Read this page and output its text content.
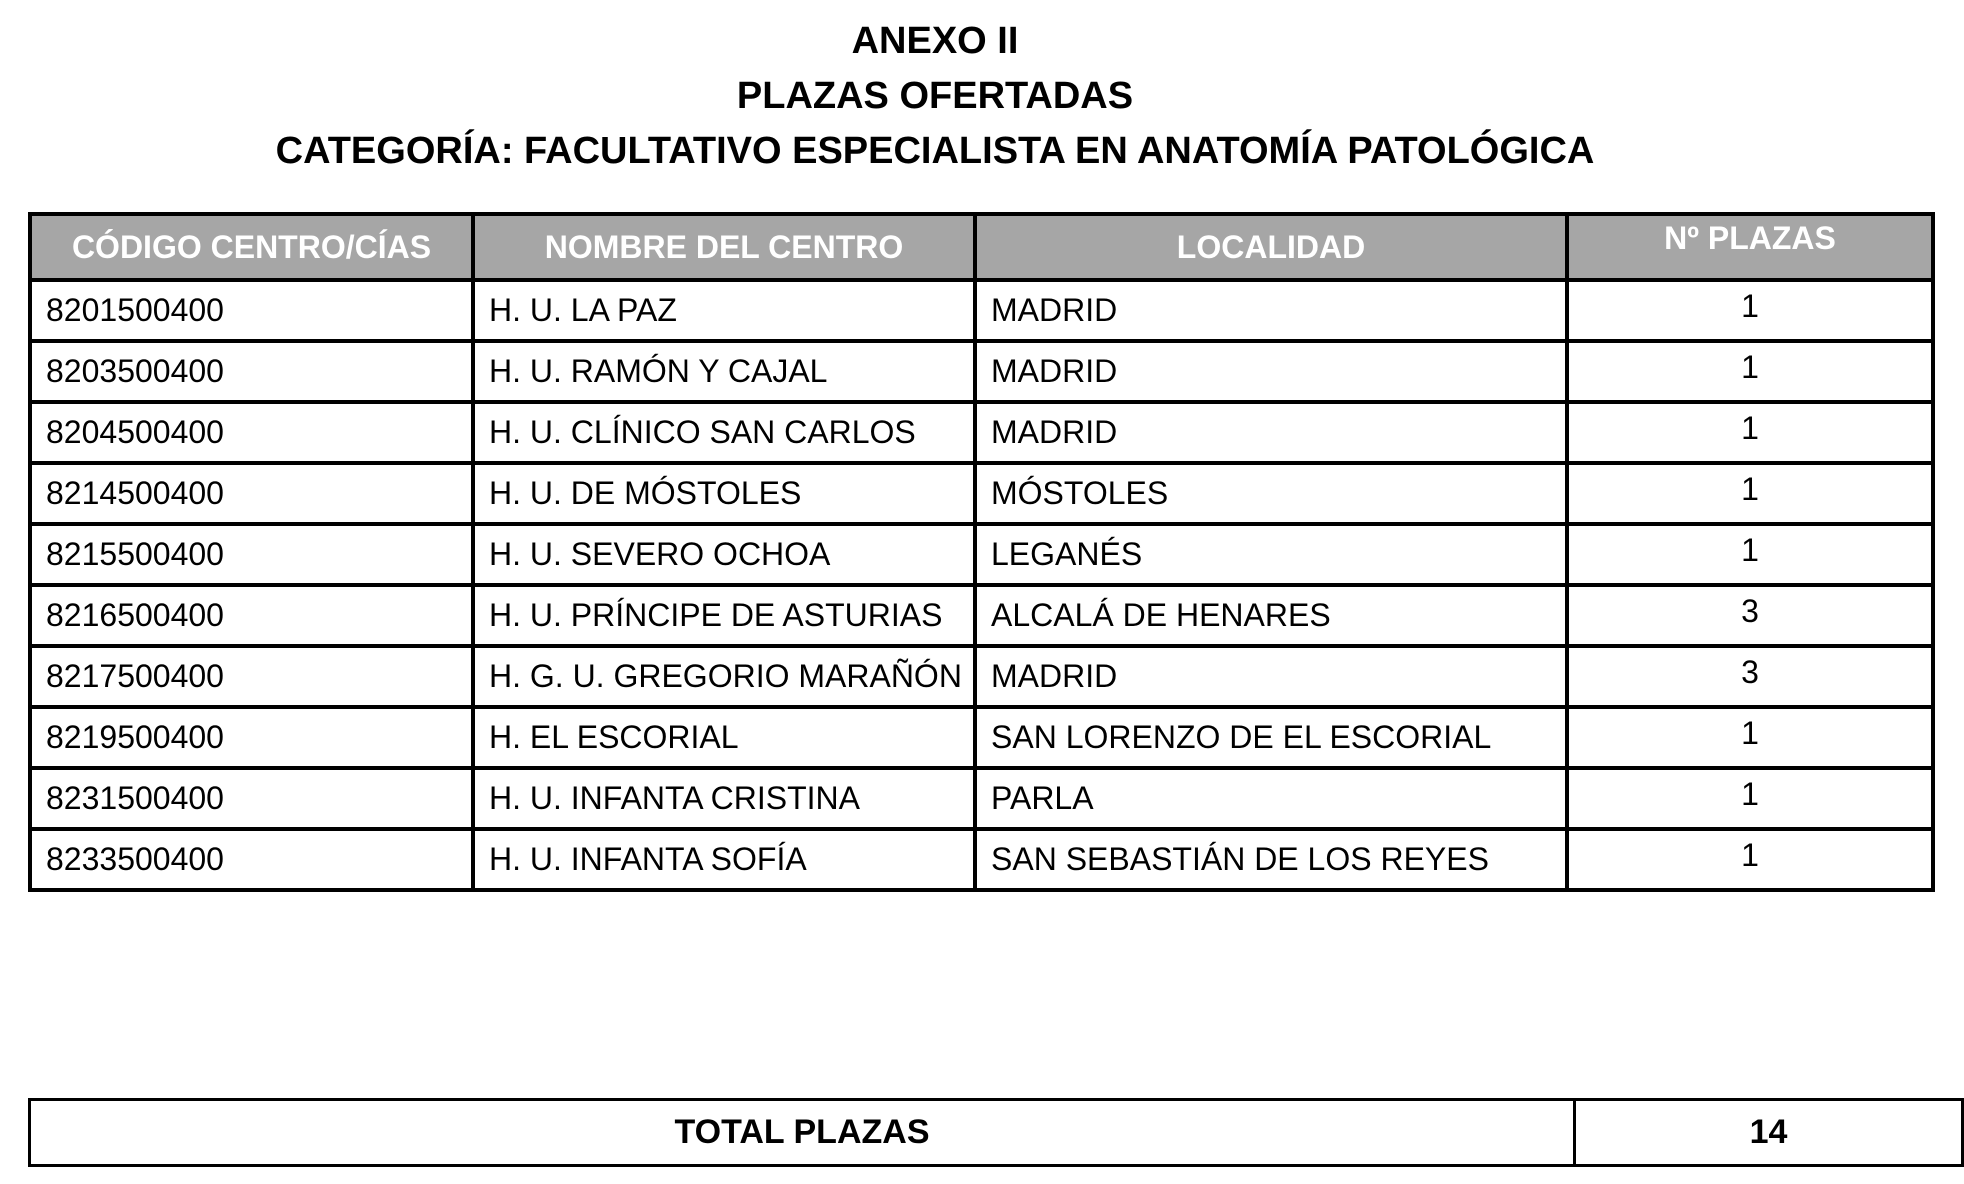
ANEXO II
PLAZAS OFERTADAS
CATEGORÍA: FACULTATIVO ESPECIALISTA EN ANATOMÍA PATOLÓGICA
CÓDIGO CENTRO/CÍAS	NOMBRE DEL CENTRO	LOCALIDAD	Nº PLAZAS
8201500400	H. U. LA PAZ	MADRID	1
8203500400	H. U. RAMÓN Y CAJAL	MADRID	1
8204500400	H. U. CLÍNICO SAN CARLOS	MADRID	1
8214500400	H. U. DE MÓSTOLES	MÓSTOLES	1
8215500400	H. U. SEVERO OCHOA	LEGANÉS	1
8216500400	H. U. PRÍNCIPE DE ASTURIAS	ALCALÁ DE HENARES	3
8217500400	H. G. U. GREGORIO MARAÑÓN	MADRID	3
8219500400	H. EL ESCORIAL	SAN LORENZO DE EL ESCORIAL	1
8231500400	H. U. INFANTA CRISTINA	PARLA	1
8233500400	H. U. INFANTA SOFÍA	SAN SEBASTIÁN DE LOS REYES	1
TOTAL PLAZAS	14
